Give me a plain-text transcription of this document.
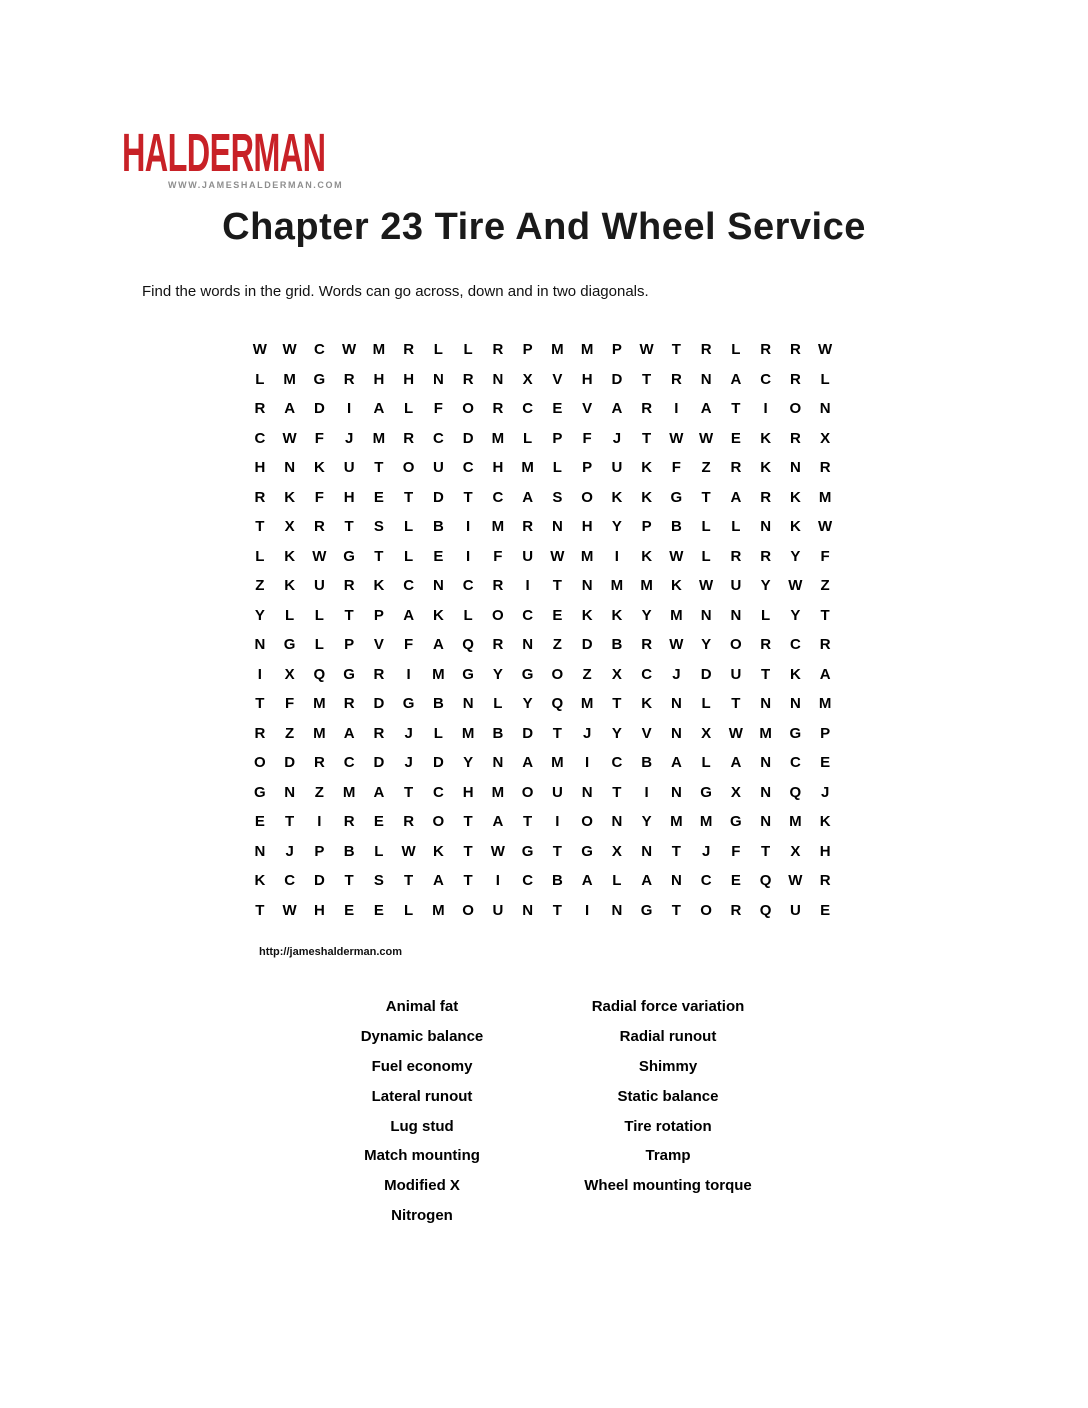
HALDERMAN
WWW.JAMESHALDERMAN.COM
Chapter 23 Tire And Wheel Service
Find the words in the grid. Words can go across, down and in two diagonals.
W	W	C	W	M	R	L	L	R	P	M	M	P	W	T	R	L	R	R	W
L	M	G	R	H	H	N	R	N	X	V	H	D	T	R	N	A	C	R	L
R	A	D	I	A	L	F	O	R	C	E	V	A	R	I	A	T	I	O	N
C	W	F	J	M	R	C	D	M	L	P	F	J	T	W	W	E	K	R	X
H	N	K	U	T	O	U	C	H	M	L	P	U	K	F	Z	R	K	N	R
R	K	F	H	E	T	D	T	C	A	S	O	K	K	G	T	A	R	K	M
T	X	R	T	S	L	B	I	M	R	N	H	Y	P	B	L	L	N	K	W
L	K	W	G	T	L	E	I	F	U	W	M	I	K	W	L	R	R	Y	F
Z	K	U	R	K	C	N	C	R	I	T	N	M	M	K	W	U	Y	W	Z
Y	L	L	T	P	A	K	L	O	C	E	K	K	Y	M	N	N	L	Y	T
N	G	L	P	V	F	A	Q	R	N	Z	D	B	R	W	Y	O	R	C	R
I	X	Q	G	R	I	M	G	Y	G	O	Z	X	C	J	D	U	T	K	A
T	F	M	R	D	G	B	N	L	Y	Q	M	T	K	N	L	T	N	N	M
R	Z	M	A	R	J	L	M	B	D	T	J	Y	V	N	X	W	M	G	P
O	D	R	C	D	J	D	Y	N	A	M	I	C	B	A	L	A	N	C	E
G	N	Z	M	A	T	C	H	M	O	U	N	T	I	N	G	X	N	Q	J
E	T	I	R	E	R	O	T	A	T	I	O	N	Y	M	M	G	N	M	K
N	J	P	B	L	W	K	T	W	G	T	G	X	N	T	J	F	T	X	H
K	C	D	T	S	T	A	T	I	C	B	A	L	A	N	C	E	Q	W	R
T	W	H	E	E	L	M	O	U	N	T	I	N	G	T	O	R	Q	U	E
http://jameshalderman.com
Animal fat
Dynamic balance
Fuel economy
Lateral runout
Lug stud
Match mounting
Modified X
Nitrogen
Radial force variation
Radial runout
Shimmy
Static balance
Tire rotation
Tramp
Wheel mounting torque
